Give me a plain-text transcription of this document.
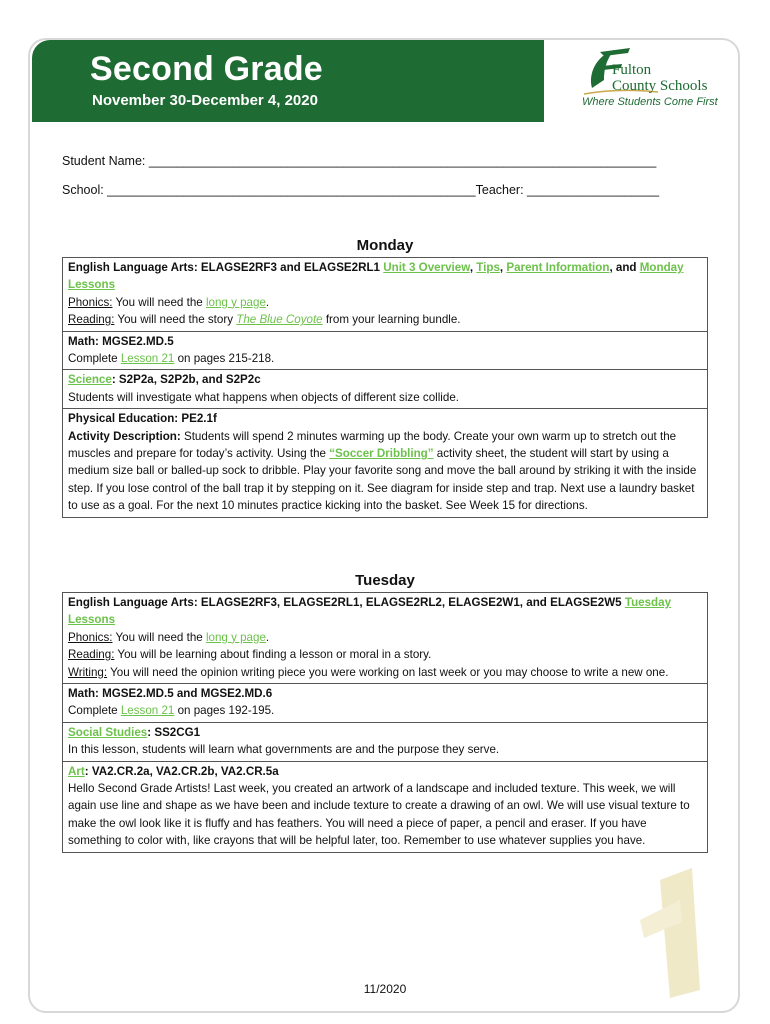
Second Grade
November 30-December 4, 2020
Fulton
County Schools
Where Students Come First
Student Name: _________________________________________________________________________
School: _____________________________________________________Teacher: ___________________
Monday
English Language Arts: ELAGSE2RF3 and ELAGSE2RL1 Unit 3 Overview, Tips, Parent Information, and Monday Lessons
Phonics: You will need the long y page.
Reading: You will need the story The Blue Coyote from your learning bundle.
Math: MGSE2.MD.5
Complete Lesson 21 on pages 215-218.
Science: S2P2a, S2P2b, and S2P2c
Students will investigate what happens when objects of different size collide.
Physical Education: PE2.1f
Activity Description: Students will spend 2 minutes warming up the body. Create your own warm up to stretch out the muscles and prepare for today’s activity. Using the “Soccer Dribbling” activity sheet, the student will start by using a medium size ball or balled-up sock to dribble. Play your favorite song and move the ball around by striking it with the inside step. If you lose control of the ball trap it by stepping on it. See diagram for inside step and trap. Next use a laundry basket to use as a goal. For the next 10 minutes practice kicking into the basket. See Week 15 for directions.
Tuesday
English Language Arts: ELAGSE2RF3, ELAGSE2RL1, ELAGSE2RL2, ELAGSE2W1, and ELAGSE2W5 Tuesday Lessons
Phonics: You will need the long y page.
Reading: You will be learning about finding a lesson or moral in a story.
Writing: You will need the opinion writing piece you were working on last week or you may choose to write a new one.
Math: MGSE2.MD.5 and MGSE2.MD.6
Complete Lesson 21 on pages 192-195.
Social Studies: SS2CG1
In this lesson, students will learn what governments are and the purpose they serve.
Art: VA2.CR.2a, VA2.CR.2b, VA2.CR.5a
Hello Second Grade Artists! Last week, you created an artwork of a landscape and included texture. This week, we will again use line and shape as we have been and include texture to create a drawing of an owl. We will use visual texture to make the owl look like it is fluffy and has feathers. You will need a piece of paper, a pencil and eraser. If you have something to color with, like crayons that will be helpful later, too. Remember to use whatever supplies you have.
11/2020
